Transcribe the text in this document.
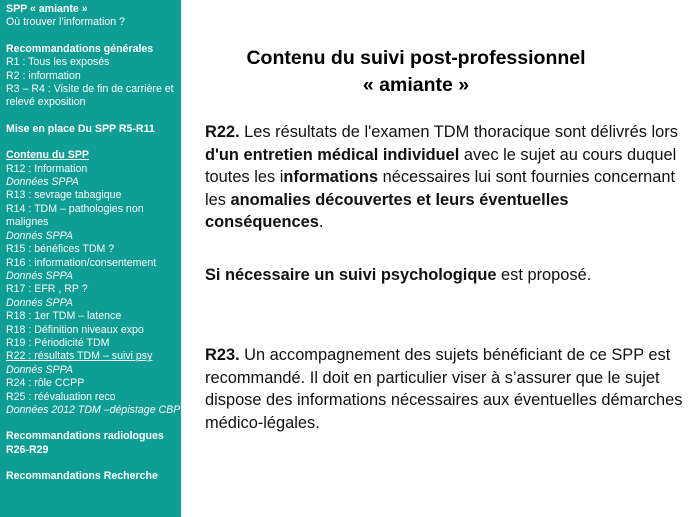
SPP « amiante »
Où trouver l’information ?
Recommandations générales
R1 : Tous les exposés
R2 : information
R3 – R4 : Visite de fin de carrière et relevé exposition
Mise en place Du SPP R5-R11
Contenu du SPP
R12 : Information
Données SPPA
R13 : sevrage tabagique
R14 : TDM – pathologies non malignes
Donnés SPPA
R15 : bénéfices TDM ?
R16 : information/consentement
Donnés SPPA
R17 : EFR , RP ?
Donnés SPPA
R18 : 1er TDM – latence
R18 : Définition niveaux expo
R19 : Périodicité TDM
R22 : résultats TDM – suivi psy
Donnés SPPA
R24 : rôle CCPP
R25 : réévaluation reco
Données 2012 TDM –dépistage CBP
Recommandations radiologues R26-R29
Recommandations Recherche
Contenu du suivi post-professionnel
« amiante »
R22. Les résultats de l'examen TDM thoracique sont délivrés lors d'un entretien médical individuel avec le sujet au cours duquel toutes les informations nécessaires lui sont fournies concernant les anomalies découvertes et leurs éventuelles conséquences.
Si nécessaire un suivi psychologique est proposé.
R23. Un accompagnement des sujets bénéficiant de ce SPP est recommandé. Il doit en particulier viser à s’assurer que le sujet dispose des informations nécessaires aux éventuelles démarches médico-légales.
